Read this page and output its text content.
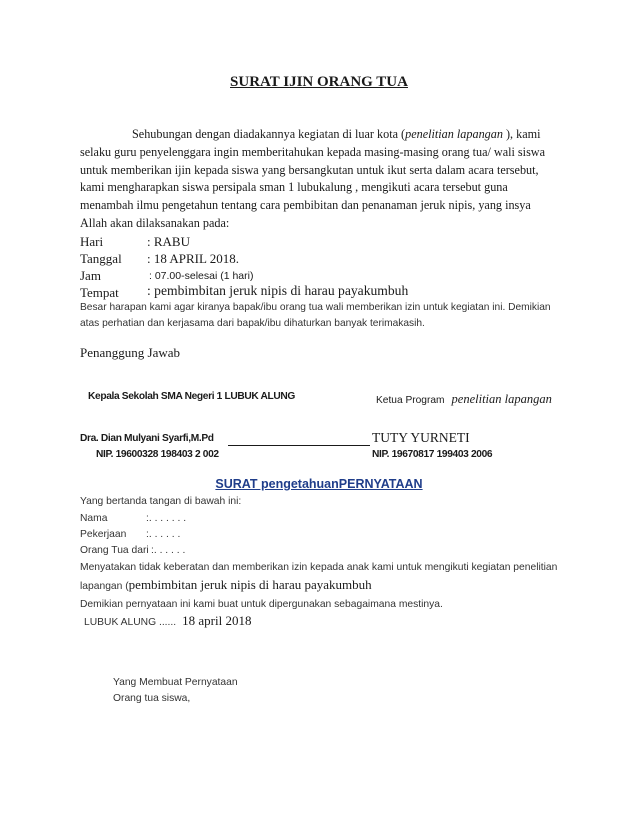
SURAT IJIN ORANG TUA
Sehubungan dengan diadakannya kegiatan di luar kota (penelitian lapangan ), kami
selaku guru penyelenggara ingin memberitahukan kepada masing-masing orang tua/ wali siswa
untuk memberikan ijin kepada siswa yang bersangkutan untuk ikut serta dalam acara tersebut,
kami mengharapkan siswa persipala sman 1 lubukalung , mengikuti acara tersebut guna
menambah ilmu pengetahun tentang cara pembibitan dan penanaman jeruk nipis, yang insya
Allah akan dilaksanakan pada:
Hari	: RABU
Tanggal : 18 APRIL 2018.
Jam	: 07.00-selesai (1 hari)
Tempat : pembimbitan jeruk nipis di harau payakumbuh
Besar harapan kami agar kiranya bapak/ibu orang tua wali memberikan izin untuk kegiatan ini. Demikian
atas perhatian dan kerjasama dari bapak/ibu dihaturkan banyak terimakasih.
Penanggung Jawab
Kepala Sekolah SMA Negeri 1 LUBUK ALUNG	Ketua Program penelitian lapangan
Dra. Dian Mulyani Syarfi,M.Pd	TUTY YURNETI
NIP. 19600328 198403 2 002	NIP. 19670817 199403 2006
SURAT pengetahuanPERNYATAAN
Yang bertanda tangan di bawah ini:
Nama	:. . . . . . .
Pekerjaan :. . . . . .
Orang Tua dari :. . . . . .
Menyatakan tidak keberatan dan memberikan izin kepada anak kami untuk mengikuti kegiatan penelitian
lapangan (pembimbitan jeruk nipis di harau payakumbuh
Demikian pernyataan ini kami buat untuk dipergunakan sebagaimana mestinya.
LUBUK ALUNG ...... 18 april 2018
Yang Membuat Pernyataan
Orang tua siswa,
